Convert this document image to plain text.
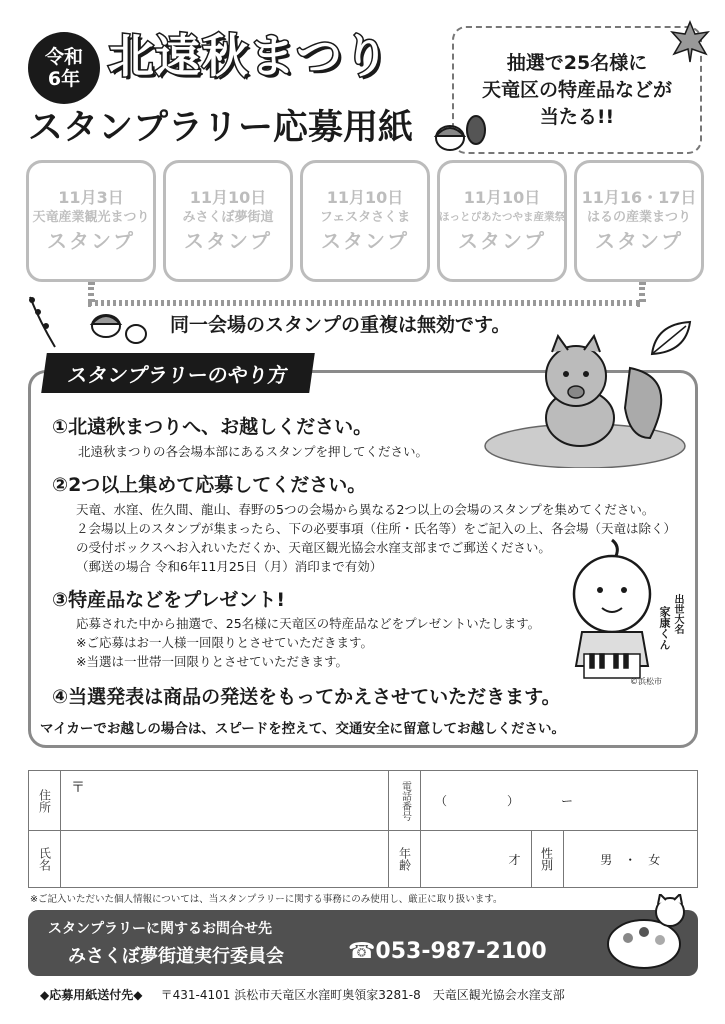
令和
6年 北遠秋まつり
スタンプラリー応募用紙
抽選で25名様に
天竜区の特産品などが
当たる!!
11月3日
天竜産業観光まつり
スタンプ
11月10日
みさくぼ夢街道
スタンプ
11月10日
フェスタさくま
スタンプ
11月10日
ほっとぴあたつやま産業祭
スタンプ
11月16・17日
はるの産業まつり
スタンプ
同一会場のスタンプの重複は無効です。
スタンプラリーのやり方
①北遠秋まつりへ、お越しください。
北遠秋まつりの各会場本部にあるスタンプを押してください。
②2つ以上集めて応募してください。
天竜、水窪、佐久間、龍山、春野の5つの会場から異なる2つ以上の会場のスタンプを集めてください。
２会場以上のスタンプが集まったら、下の必要事項（住所・氏名等）をご記入の上、各会場（天竜は除く）
の受付ボックスへお入れいただくか、天竜区観光協会水窪支部までご郵送ください。
（郵送の場合 令和6年11月25日（月）消印まで有効）
③特産品などをプレゼント!
応募された中から抽選で、25名様に天竜区の特産品などをプレゼントいたします。
※ご応募はお一人様一回限りとさせていただきます。
※当選は一世帯一回限りとさせていただきます。
出世大名
家康くん
©浜松市
④当選発表は商品の発送をもってかえさせていただきます。
マイカーでお越しの場合は、スピードを控えて、交通安全に留意してお越しください。
住所	〒	電話番号	（　　　　　）　　　　ー
氏名		年齢		才	性別	男　・　女
※ご記入いただいた個人情報については、当スタンプラリーに関する事務にのみ使用し、厳正に取り扱います。
スタンプラリーに関するお問合せ先
みさくぼ夢街道実行委員会	☎053-987-2100
◆応募用紙送付先◆ 〒431-4101 浜松市天竜区水窪町奥領家3281-8　天竜区観光協会水窪支部
